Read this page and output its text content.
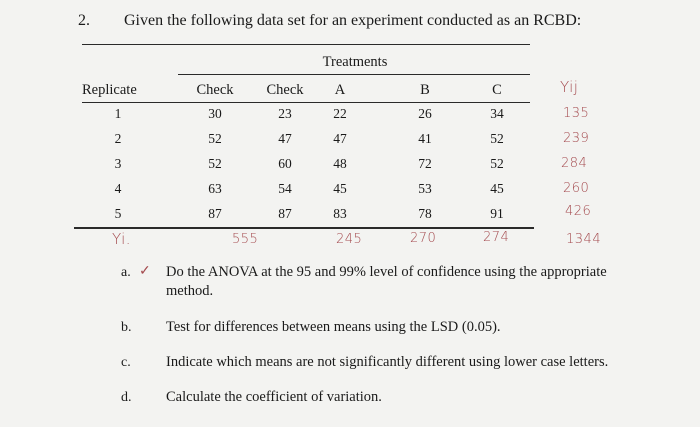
2. Given the following data set for an experiment conducted as an RCBD:
Treatments
Replicate	Check	Check	A	B	C	Yij
1	30	23	22	26	34	135
2	52	47	47	41	52	239
3	52	60	48	72	52	284
4	63	54	45	53	45	260
5	87	87	83	78	91	426
Yi.	555	245	270	274	1344
a. ✓ Do the ANOVA at the 95 and 99% level of confidence using the appropriate method.
b. Test for differences between means using the LSD (0.05).
c. Indicate which means are not significantly different using lower case letters.
d. Calculate the coefficient of variation.
